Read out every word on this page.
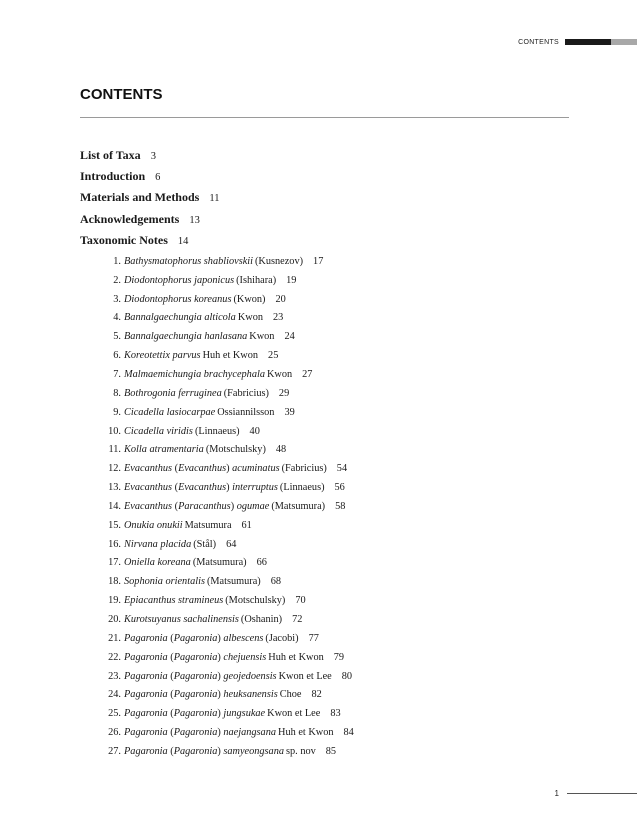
CONTENTS
CONTENTS
List of Taxa 3
Introduction 6
Materials and Methods 11
Acknowledgements 13
Taxonomic Notes 14
1. Bathysmatophorus shabliovskii (Kusnezov) 17
2. Diodontophorus japonicus (Ishihara) 19
3. Diodontophorus koreanus (Kwon) 20
4. Bannalgaechungia alticola Kwon 23
5. Bannalgaechungia hanlasana Kwon 24
6. Koreotettix parvus Huh et Kwon 25
7. Malmaemichungia brachycephala Kwon 27
8. Bothrogonia ferruginea (Fabricius) 29
9. Cicadella lasiocarpae Ossiannilsson 39
10. Cicadella viridis (Linnaeus) 40
11. Kolla atramentaria (Motschulsky) 48
12. Evacanthus (Evacanthus) acuminatus (Fabricius) 54
13. Evacanthus (Evacanthus) interruptus (Linnaeus) 56
14. Evacanthus (Paracanthus) ogumae (Matsumura) 58
15. Onukia onukii Matsumura 61
16. Nirvana placida (Stål) 64
17. Oniella koreana (Matsumura) 66
18. Sophonia orientalis (Matsumura) 68
19. Epiacanthus stramineus (Motschulsky) 70
20. Kurotsuyanus sachalinensis (Oshanin) 72
21. Pagaronia (Pagaronia) albescens (Jacobi) 77
22. Pagaronia (Pagaronia) chejuensis Huh et Kwon 79
23. Pagaronia (Pagaronia) geojedoensis Kwon et Lee 80
24. Pagaronia (Pagaronia) heuksanensis Choe 82
25. Pagaronia (Pagaronia) jungsukae Kwon et Lee 83
26. Pagaronia (Pagaronia) naejangsana Huh et Kwon 84
27. Pagaronia (Pagaronia) samyeongsana sp. nov 85
1
